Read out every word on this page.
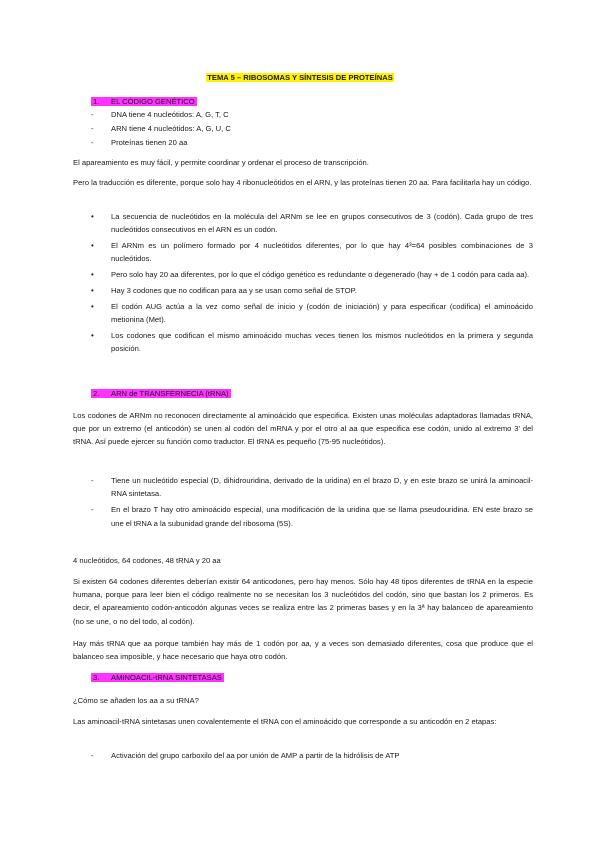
TEMA 5 – RIBOSOMAS Y SÍNTESIS DE PROTEÍNAS
1. EL CÓDIGO GENÉTICO
- DNA tiene 4 nucleótidos: A, G, T, C
- ARN tiene 4 nucleótidos: A, G, U, C
- Proteínas tienen 20 aa

El apareamiento es muy fácil, y permite coordinar y ordenar el proceso de transcripción.

Pero la traducción es diferente, porque solo hay 4 ribonucleótidos en el ARN, y las proteínas tienen 20 aa. Para facilitarla hay un código.

• La secuencia de nucleótidos en la molécula del ARNm se lee en grupos consecutivos de 3 (codón). Cada grupo de tres nucleótidos consecutivos en el ARN es un codón.
• El ARNm es un polímero formado por 4 nucleótidos diferentes, por lo que hay 4³=64 posibles combinaciones de 3 nucleótidos.
• Pero solo hay 20 aa diferentes, por lo que el código genético es redundante o degenerado (hay + de 1 codón para cada aa).
• Hay 3 codones que no codifican para aa y se usan como señal de STOP.
• El codón AUG actúa a la vez como señal de inicio y (codón de iniciación) y para especificar (codifica) el aminoácido metionina (Met).
• Los codones que codifican el mismo aminoácido muchas veces tienen los mismos nucleótidos en la primera y segunda posición.
2. ARN de TRANSFERNECIA (tRNA)

Los codones de ARNm no reconocen directamente al aminoácido que especifica. Existen unas moléculas adaptadoras llamadas tRNA, que por un extremo (el anticodón) se unen al codón del mRNA y por el otro al aa que especifica ese codón, unido al extremo 3' del tRNA. Así puede ejercer su función como traductor. El tRNA es pequeño (75-95 nucleótidos).

- Tiene un nucleótido especial (D, dihidrouridina, derivado de la uridina) en el brazo D, y en este brazo se unirá la aminoacil-RNA sintetasa.
- En el brazo T hay otro aminoácido especial, una modificación de la uridina que se llama pseudouridina. EN este brazo se une el tRNA a la subunidad grande del ribosoma (5S).

4 nucleótidos, 64 codones, 48 tRNA y 20 aa

Si existen 64 codones diferentes deberían existir 64 anticodones, pero hay menos. Sólo hay 48 tipos diferentes de tRNA en la especie humana, porque para leer bien el código realmente no se necesitan los 3 nucleótidos del codón, sino que bastan los 2 primeros. Es decir, el apareamiento codón-anticodón algunas veces se realiza entre las 2 primeras bases y en la 3ª hay balanceo de apareamiento (no se une, o no del todo, al codón).

Hay más tRNA que aa porque también hay más de 1 codón por aa, y a veces son demasiado diferentes, cosa que produce que el balanceo sea imposible, y hace necesario que haya otro codón.

3. AMINOACIL-tRNA SINTETASAS

¿Cómo se añaden los aa a su tRNA?

Las aminoacil-tRNA sintetasas unen covalentemente el tRNA con el aminoácido que corresponde a su anticodón en 2 etapas:

- Activación del grupo carboxilo del aa por unión de AMP a partir de la hidrólisis de ATP
